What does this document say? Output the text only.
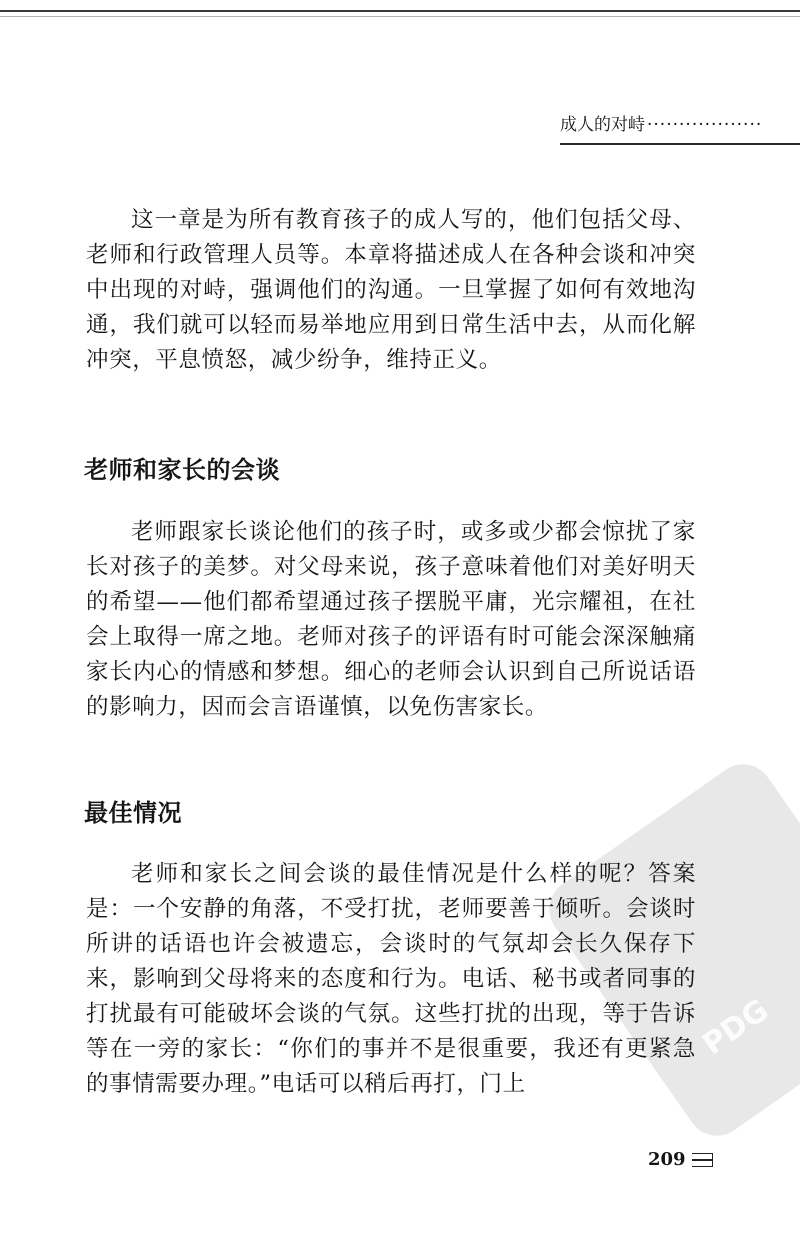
成人的对峙 ··················

这一章是为所有教育孩子的成人写的，他们包括父母、老师和行政管理人员等。本章将描述成人在各种会谈和冲突中出现的对峙，强调他们的沟通。一旦掌握了如何有效地沟通，我们就可以轻而易举地应用到日常生活中去，从而化解冲突，平息愤怒，减少纷争，维持正义。

老师和家长的会谈

老师跟家长谈论他们的孩子时，或多或少都会惊扰了家长对孩子的美梦。对父母来说，孩子意味着他们对美好明天的希望——他们都希望通过孩子摆脱平庸，光宗耀祖，在社会上取得一席之地。老师对孩子的评语有时可能会深深触痛家长内心的情感和梦想。细心的老师会认识到自己所说话语的影响力，因而会言语谨慎，以免伤害家长。

PDG
最佳情况

老师和家长之间会谈的最佳情况是什么样的呢？答案是：一个安静的角落，不受打扰，老师要善于倾听。会谈时所讲的话语也许会被遗忘，会谈时的气氛却会长久保存下来，影响到父母将来的态度和行为。电话、秘书或者同事的打扰最有可能破坏会谈的气氛。这些打扰的出现，等于告诉等在一旁的家长：“你们的事并不是很重要，我还有更紧急的事情需要办理。”电话可以稍后再打，门上

209
